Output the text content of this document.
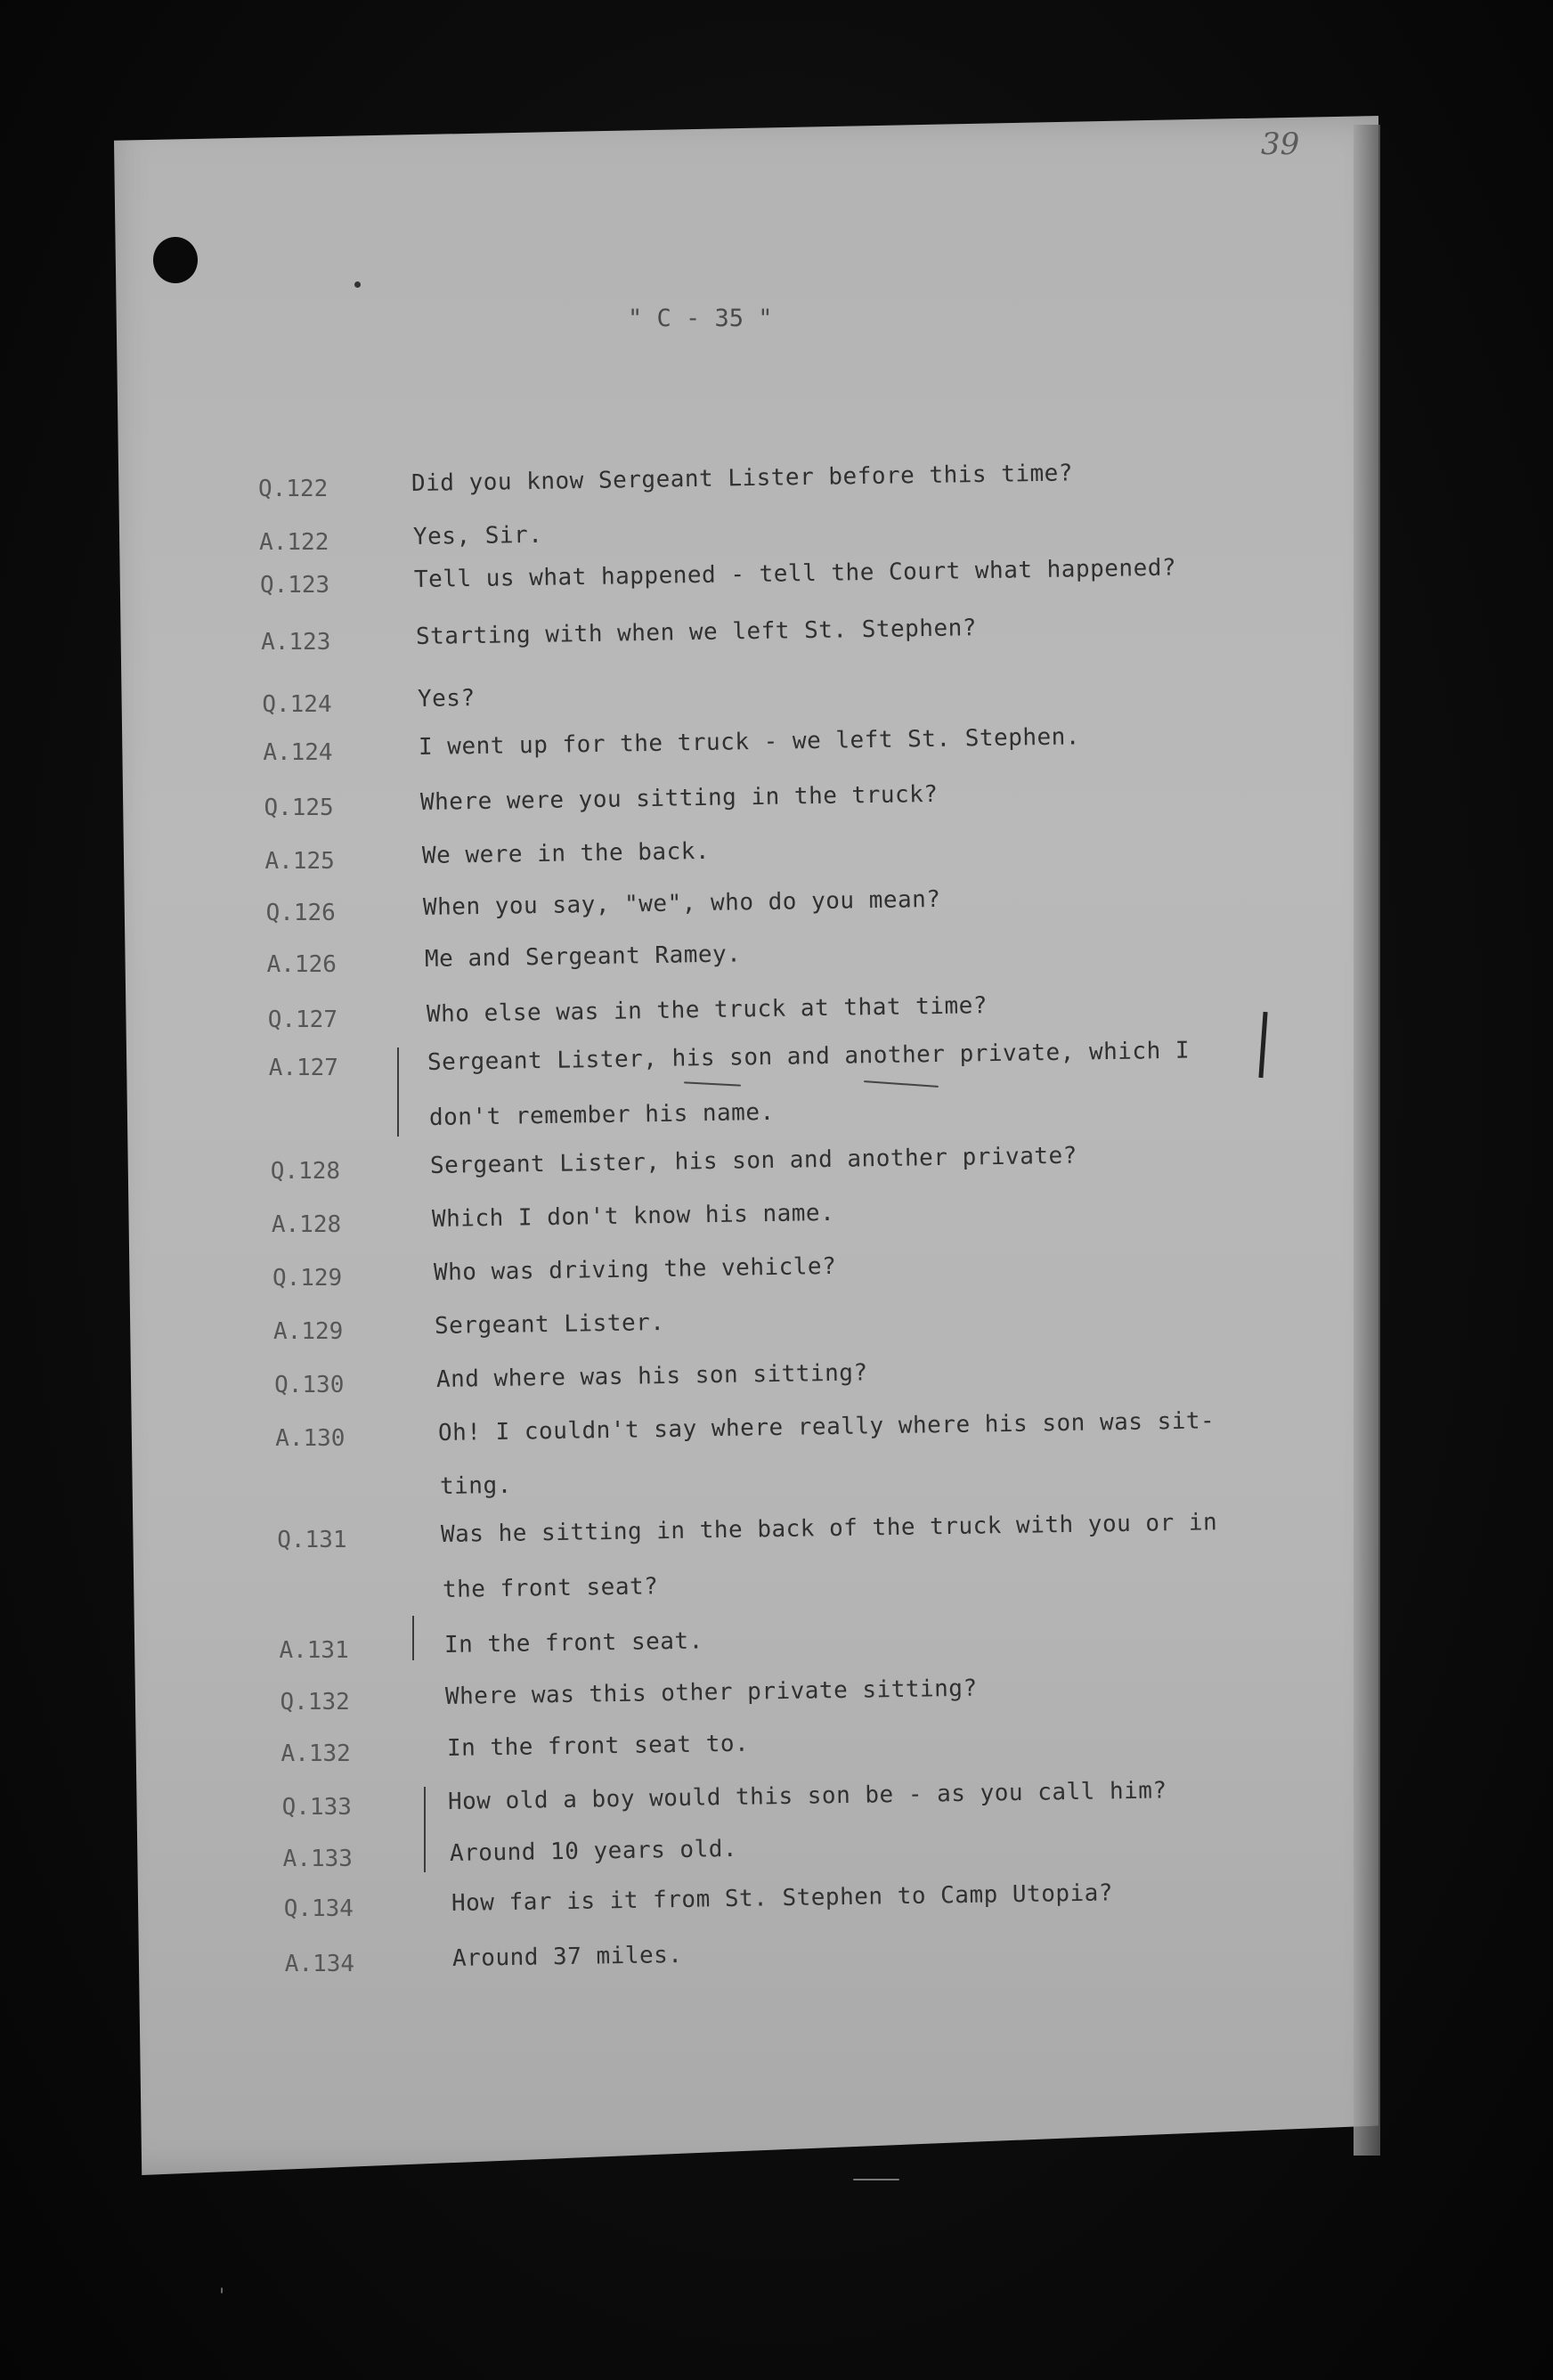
39
" C - 35 "
Q.122	Did you know Sergeant Lister before this time?
A.122	Yes, Sir.
Q.123	Tell us what happened - tell the Court what happened?
A.123	Starting with when we left St. Stephen?
Q.124	Yes?
A.124	I went up for the truck - we left St. Stephen.
Q.125	Where were you sitting in the truck?
A.125	We were in the back.
Q.126	When you say, "we", who do you mean?
A.126	Me and Sergeant Ramey.
Q.127	Who else was in the truck at that time?
A.127	Sergeant Lister, his son and another private, which I
don't remember his name.
Q.128	Sergeant Lister, his son and another private?
A.128	Which I don't know his name.
Q.129	Who was driving the vehicle?
A.129	Sergeant Lister.
Q.130	And where was his son sitting?
A.130	Oh! I couldn't say where really where his son was sit-
ting.
Q.131	Was he sitting in the back of the truck with you or in
the front seat?
A.131	In the front seat.
Q.132	Where was this other private sitting?
A.132	In the front seat to.
Q.133	How old a boy would this son be - as you call him?
A.133	Around 10 years old.
Q.134	How far is it from St. Stephen to Camp Utopia?
A.134	Around 37 miles.
ˌ
